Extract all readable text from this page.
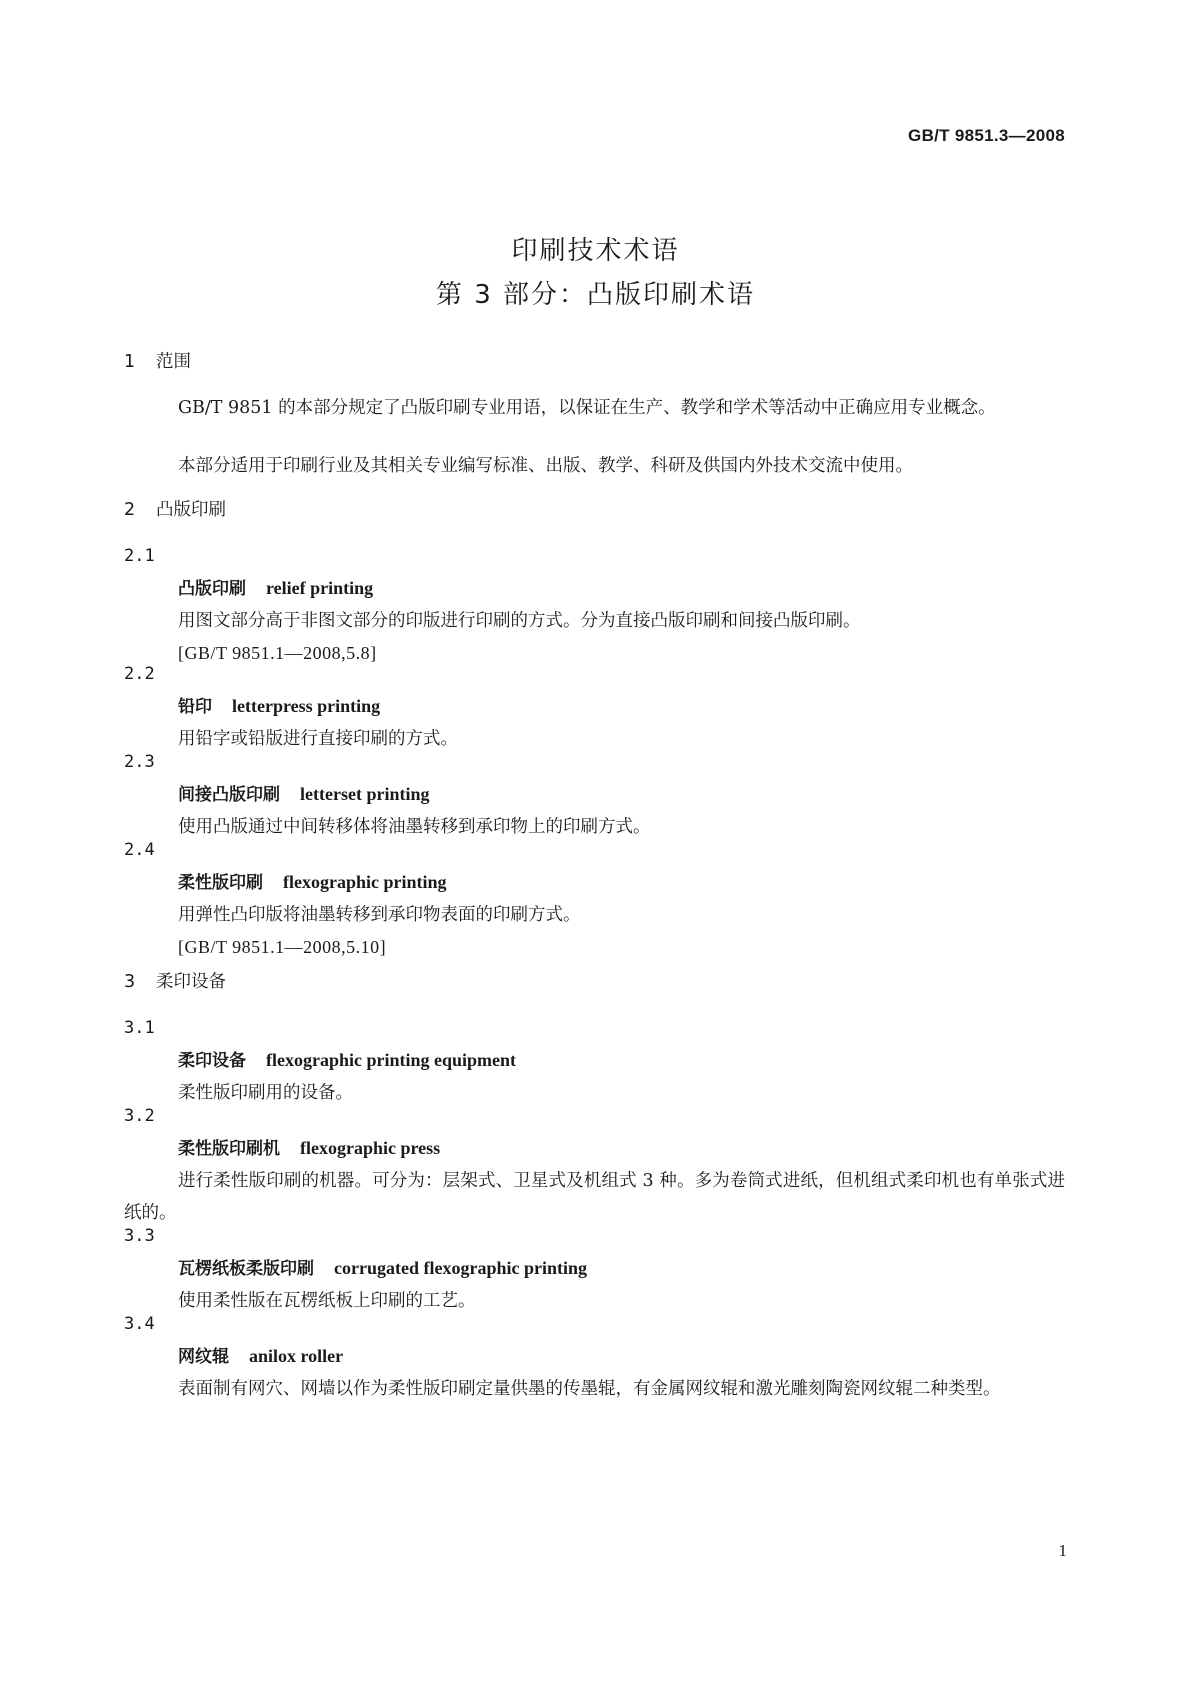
GB/T 9851.3—2008
印刷技术术语
第 3 部分：凸版印刷术语
1 范围
GB/T 9851 的本部分规定了凸版印刷专业用语，以保证在生产、教学和学术等活动中正确应用专业概念。
本部分适用于印刷行业及其相关专业编写标准、出版、教学、科研及供国内外技术交流中使用。
2 凸版印刷
2.1
凸版印刷 relief printing
用图文部分高于非图文部分的印版进行印刷的方式。分为直接凸版印刷和间接凸版印刷。
[GB/T 9851.1—2008,5.8]
2.2
铅印 letterpress printing
用铅字或铅版进行直接印刷的方式。
2.3
间接凸版印刷 letterset printing
使用凸版通过中间转移体将油墨转移到承印物上的印刷方式。
2.4
柔性版印刷 flexographic printing
用弹性凸印版将油墨转移到承印物表面的印刷方式。
[GB/T 9851.1—2008,5.10]
3 柔印设备
3.1
柔印设备 flexographic printing equipment
柔性版印刷用的设备。
3.2
柔性版印刷机 flexographic press
进行柔性版印刷的机器。可分为：层架式、卫星式及机组式 3 种。多为卷筒式进纸，但机组式柔印机也有单张式进纸的。
3.3
瓦楞纸板柔版印刷 corrugated flexographic printing
使用柔性版在瓦楞纸板上印刷的工艺。
3.4
网纹辊 anilox roller
表面制有网穴、网墙以作为柔性版印刷定量供墨的传墨辊，有金属网纹辊和激光雕刻陶瓷网纹辊二种类型。
1
